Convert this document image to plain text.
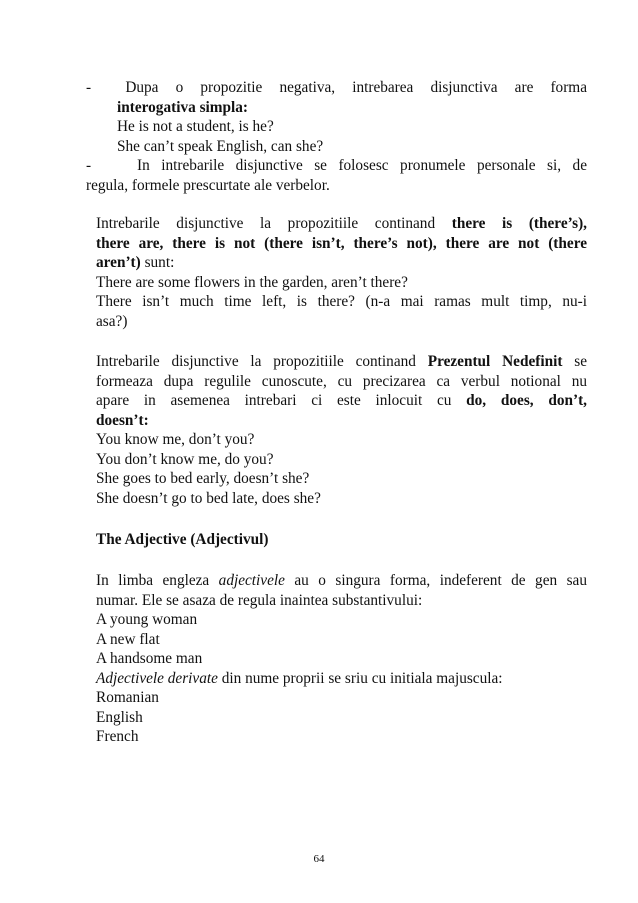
- Dupa o propozitie negativa, intrebarea disjunctiva are forma
interogativa simpla:
He is not a student, is he?
She can’t speak English, can she?
-	In intrebarile disjunctive se folosesc pronumele personale si, de
regula, formele prescurtate ale verbelor.
Intrebarile disjunctive la propozitiile continand there is (there’s),
there are, there is not (there isn’t, there’s not), there are not (there
aren’t) sunt:
There are some flowers in the garden, aren’t there?
There isn’t much time left, is there? (n-a mai ramas mult timp, nu-i
asa?)
Intrebarile disjunctive la propozitiile continand Prezentul Nedefinit se
formeaza dupa regulile cunoscute, cu precizarea ca verbul notional nu
apare in asemenea intrebari ci este inlocuit cu do, does, don’t,
doesn’t:
You know me, don’t you?
You don’t know me, do you?
She goes to bed early, doesn’t she?
She doesn’t go to bed late, does she?
The Adjective (Adjectivul)
In limba engleza adjectivele au o singura forma, indeferent de gen sau
numar. Ele se asaza de regula inaintea substantivului:
A young woman
A new flat
A handsome man
Adjectivele derivate din nume proprii se sriu cu initiala majuscula:
Romanian
English
French
64
